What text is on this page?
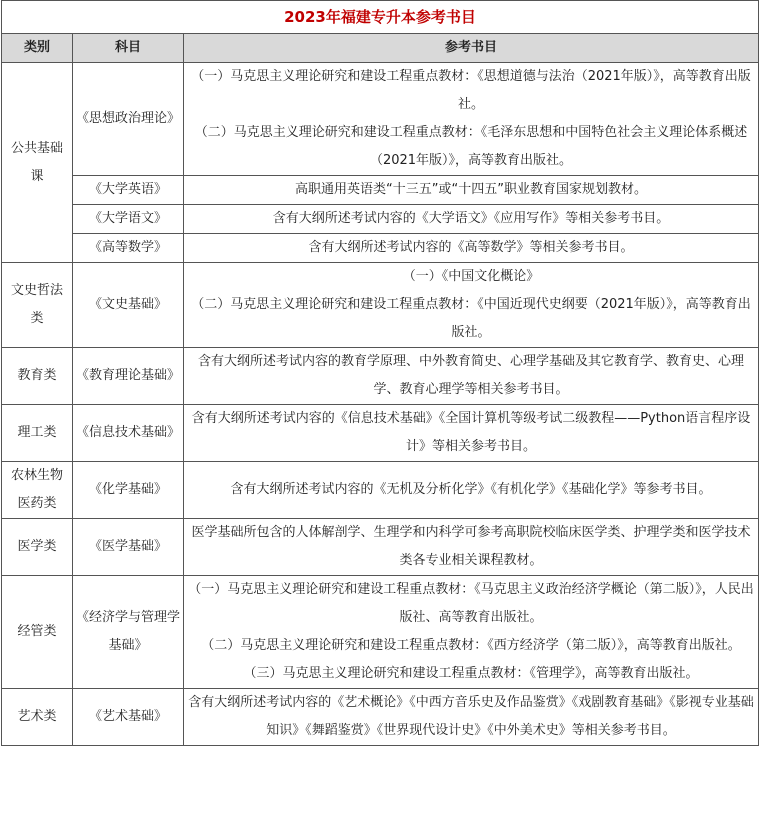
2023年福建专升本参考书目		
类别	科目	参考书目
公共基础课	《思想政治理论》	（一）马克思主义理论研究和建设工程重点教材：《思想道德与法治（2021年版）》，高等教育出版社。

（二）马克思主义理论研究和建设工程重点教材：《毛泽东思想和中国特色社会主义理论体系概述（2021年版）》，高等教育出版社。

	《大学英语》	高职通用英语类“十三五”或“十四五”职业教育国家规划教材。

	《大学语文》	含有大纲所述考试内容的《大学语文》《应用写作》等相关参考书目。

	《高等数学》	含有大纲所述考试内容的《高等数学》等相关参考书目。

文史哲法类	《文史基础》	（一）《中国文化概论》

（二）马克思主义理论研究和建设工程重点教材：《中国近现代史纲要（2021年版）》，高等教育出版社。

教育类	《教育理论基础》	含有大纲所述考试内容的教育学原理、中外教育简史、心理学基础及其它教育学、教育史、心理学、教育心理学等相关参考书目。

理工类	《信息技术基础》	含有大纲所述考试内容的《信息技术基础》《全国计算机等级考试二级教程——Python语言程序设计》等相关参考书目。

农林生物医药类	《化学基础》	含有大纲所述考试内容的《无机及分析化学》《有机化学》《基础化学》等参考书目。

医学类	《医学基础》	医学基础所包含的人体解剖学、生理学和内科学可参考高职院校临床医学类、护理学类和医学技术类各专业相关课程教材。

经管类	《经济学与管理学基础》	（一）马克思主义理论研究和建设工程重点教材：《马克思主义政治经济学概论（第二版）》，人民出版社、高等教育出版社。

（二）马克思主义理论研究和建设工程重点教材：《西方经济学（第二版）》，高等教育出版社。

（三）马克思主义理论研究和建设工程重点教材：《管理学》，高等教育出版社。

艺术类	《艺术基础》	含有大纲所述考试内容的《艺术概论》《中西方音乐史及作品鉴赏》《戏剧教育基础》《影视专业基础知识》《舞蹈鉴赏》《世界现代设计史》《中外美术史》等相关参考书目。
